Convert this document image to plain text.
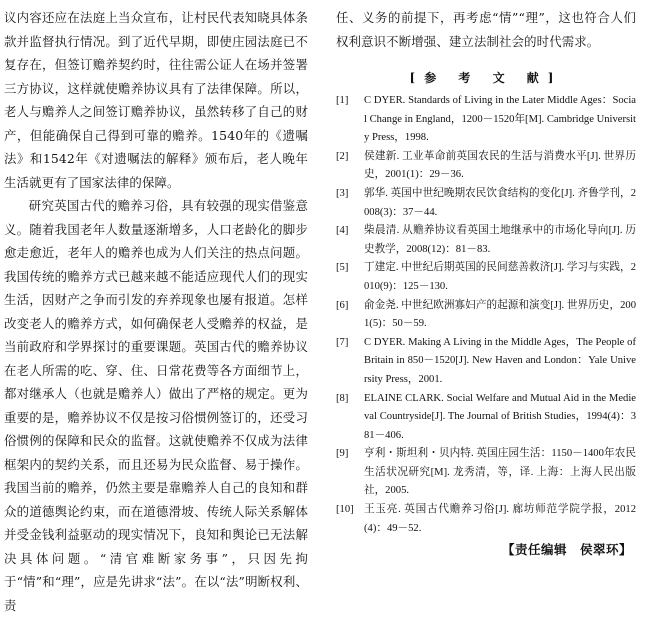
议内容还应在法庭上当众宣布，让村民代表知晓具体条款并监督执行情况。到了近代早期，即使庄园法庭已不复存在，但签订赡养契约时，往往需公证人在场并签署三方协议，这样就使赡养协议具有了法律保障。所以，老人与赡养人之间签订赡养协议，虽然转移了自己的财产，但能确保自己得到可靠的赡养。1540年的《遗嘱法》和1542年《对遗嘱法的解释》颁布后，老人晚年生活就更有了国家法律的保障。

研究英国古代的赡养习俗，具有较强的现实借鉴意义。随着我国老年人数量逐渐增多，人口老龄化的脚步愈走愈近，老年人的赡养也成为人们关注的热点问题。我国传统的赡养方式已越来越不能适应现代人们的现实生活，因财产之争而引发的弃养现象也屡有报道。怎样改变老人的赡养方式，如何确保老人受赡养的权益，是当前政府和学界探讨的重要课题。英国古代的赡养协议在老人所需的吃、穿、住、日常花费等各方面细节上，都对继承人（也就是赡养人）做出了严格的规定。更为重要的是，赡养协议不仅是按习俗惯例签订的，还受习俗惯例的保障和民众的监督。这就使赡养不仅成为法律框架内的契约关系，而且还易为民众监督、易于操作。我国当前的赡养，仍然主要是靠赡养人自己的良知和群众的道德舆论约束，而在道德滑坡、传统人际关系解体并受金钱利益驱动的现实情况下，良知和舆论已无法解决具体问题。“清官难断家务事”，只因先拘于“情”和“理”，应是先讲求“法”。在以“法”明断权利、责

任、义务的前提下，再考虑“情”“理”，这也符合人们权利意识不断增强、建立法制社会的时代需求。

[参 考 文 献]
[1] C DYER. Standards of Living in the Later Middle Ages：Social Change in England，1200－1520年[M]. Cambridge University Press，1998.
[2] 侯建新. 工业革命前英国农民的生活与消费水平[J]. 世界历史，2001(1)：29－36.
[3] 郭华. 英国中世纪晚期农民饮食结构的变化[J]. 齐鲁学刊，2008(3)：37－44.
[4] 柴晨清. 从赡养协议看英国土地继承中的市场化导向[J]. 历史教学，2008(12)：81－83.
[5] 丁建定. 中世纪后期英国的民间慈善救济[J]. 学习与实践，2010(9)：125－130.
[6] 俞金尧. 中世纪欧洲寡妇产的起源和演变[J]. 世界历史，2001(5)：50－59.
[7] C DYER. Making A Living in the Middle Ages，The People of Britain in 850－1520[J]. New Haven and London：Yale University Press，2001.
[8] ELAINE CLARK. Social Welfare and Mutual Aid in the Medieval Countryside[J]. The Journal of British Studies，1994(4)：381－406.
[9] 亨利・斯坦利・贝内特. 英国庄园生活：1150－1400年农民生活状况研究[M]. 龙秀清，等，译. 上海：上海人民出版社，2005.
[10] 王玉亮. 英国古代赡养习俗[J]. 廊坊师范学院学报，2012(4)：49－52.
【责任编辑　侯翠环】
